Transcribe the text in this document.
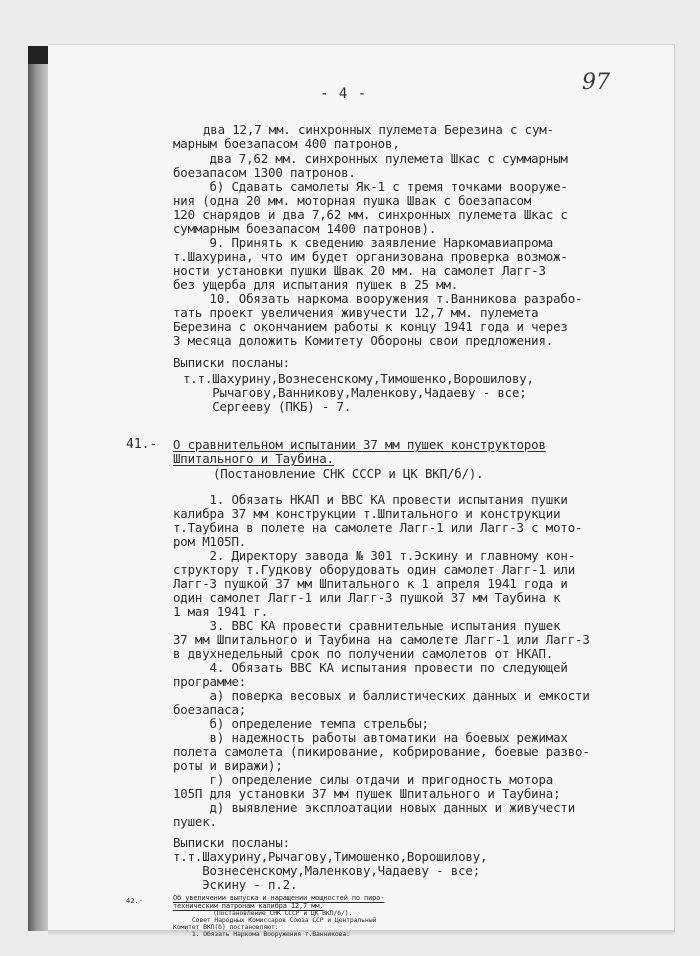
- 4 -	97
два 12,7 мм. синхронных пулемета Березина с сум-
марным боезапасом 400 патронов,
два 7,62 мм. синхронных пулемета Шкас с суммарным
боезапасом 1300 патронов.
б) Сдавать самолеты Як-1 с тремя точками вооруже-
ния (одна 20 мм. моторная пушка Швак с боезапасом
120 снарядов и два 7,62 мм. синхронных пулемета Шкас с
суммарным боезапасом 1400 патронов).
9. Принять к сведению заявление Наркомавиапрома
т.Шахурина, что им будет организована проверка возмож-
ности установки пушки Швак 20 мм. на самолет Лагг-3
без ущерба для испытания пушек в 25 мм.
10. Обязать наркома вооружения т.Ванникова разрабо-
тать проект увеличения живучести 12,7 мм. пулемета
Березина с окончанием работы к концу 1941 года и через
3 месяца доложить Комитету Обороны свои предложения.
Выписки посланы:
т.т.Шахурину,Вознесенскому,Тимошенко,Ворошилову,
Рычагову,Ванникову,Маленкову,Чадаеву - все;
Сергееву (ПКБ) - 7.
41.- О сравнительном испытании 37 мм пушек конструкторов
Шпитального и Таубина.
(Постановление СНК СССР и ЦК ВКП/б/).
1. Обязать НКАП и ВВС КА провести испытания пушки
калибра 37 мм конструкции т.Шпитального и конструкции
т.Таубина в полете на самолете Лагг-1 или Лагг-3 с мото-
ром М105П.
2. Директору завода № 301 т.Эскину и главному кон-
структору т.Гудкову оборудовать один самолет Лагг-1 или
Лагг-3 пушкой 37 мм Шпитального к 1 апреля 1941 года и
один самолет Лагг-1 или Лагг-3 пушкой 37 мм Таубина к
1 мая 1941 г.
3. ВВС КА провести сравнительные испытания пушек
37 мм Шпитального и Таубина на самолете Лагг-1 или Лагг-3
в двухнедельный срок по получении самолетов от НКАП.
4. Обязать ВВС КА испытания провести по следующей
программе:
а) поверка весовых и баллистических данных и емкости
боезапаса;
б) определение темпа стрельбы;
в) надежность работы автоматики на боевых режимах
полета самолета (пикирование, кобрирование, боевые разво-
роты и виражи);
г) определение силы отдачи и пригодность мотора
105П для установки 37 мм пушек Шпитального и Таубина;
д) выявление эксплоатации новых данных и живучести
пушек.
Выписки посланы:
т.т.Шахурину,Рычагову,Тимошенко,Ворошилову,
Вознесенскому,Маленкову,Чадаеву - все;
Эскину - п.2.
42.-	Об увеличении выпуска и наращении мощностей по пиро-
техническим патронам калибра 12,7 мм.
(Постановление СНК СССР и ЦК ВКП/б/).
Совет Народных Комиссаров Союза ССР и Центральный
Комитет ВКП(б) постановляют:
1. Обязать Наркома Вооружения т.Ванникова:
